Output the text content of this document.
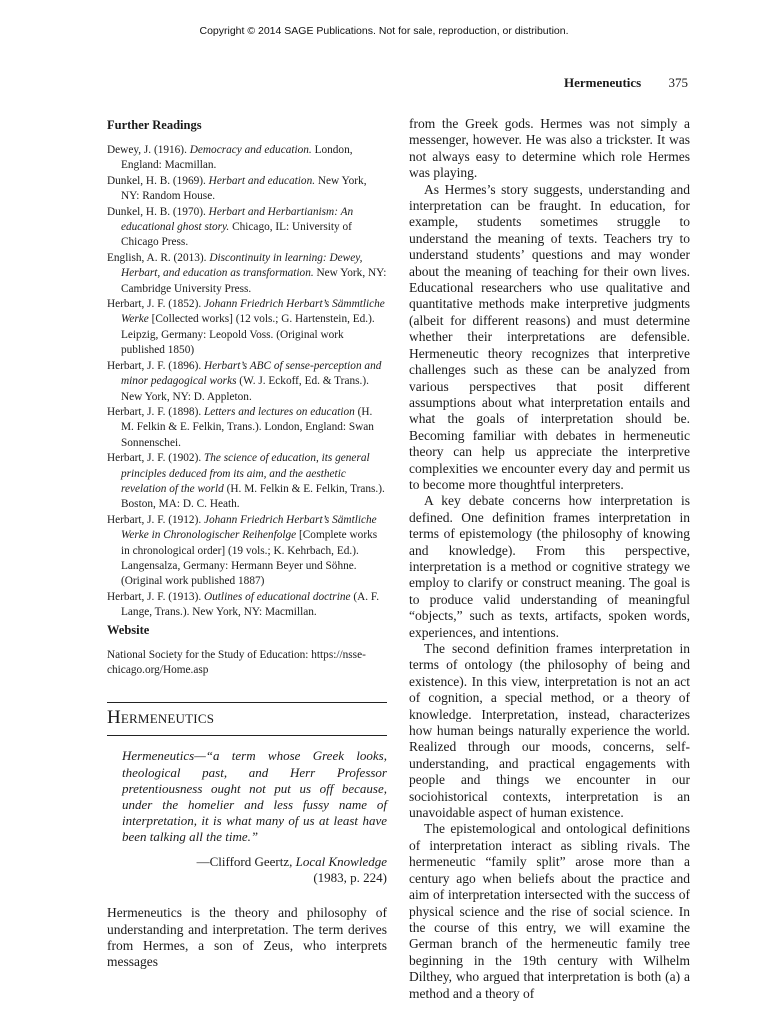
Copyright © 2014 SAGE Publications. Not for sale, reproduction, or distribution.
Hermeneutics 375
Further Readings

Dewey, J. (1916). Democracy and education. London, England: Macmillan.

Dunkel, H. B. (1969). Herbart and education. New York, NY: Random House.

Dunkel, H. B. (1970). Herbart and Herbartianism: An educational ghost story. Chicago, IL: University of Chicago Press.

English, A. R. (2013). Discontinuity in learning: Dewey, Herbart, and education as transformation. New York, NY: Cambridge University Press.

Herbart, J. F. (1852). Johann Friedrich Herbart’s Sämmtliche Werke [Collected works] (12 vols.; G. Hartenstein, Ed.). Leipzig, Germany: Leopold Voss. (Original work published 1850)

Herbart, J. F. (1896). Herbart’s ABC of sense-perception and minor pedagogical works (W. J. Eckoff, Ed. & Trans.). New York, NY: D. Appleton.

Herbart, J. F. (1898). Letters and lectures on education (H. M. Felkin & E. Felkin, Trans.). London, England: Swan Sonnenschei.

Herbart, J. F. (1902). The science of education, its general principles deduced from its aim, and the aesthetic revelation of the world (H. M. Felkin & E. Felkin, Trans.). Boston, MA: D. C. Heath.

Herbart, J. F. (1912). Johann Friedrich Herbart’s Sämtliche Werke in Chronologischer Reihenfolge [Complete works in chronological order] (19 vols.; K. Kehrbach, Ed.). Langensalza, Germany: Hermann Beyer und Söhne. (Original work published 1887)

Herbart, J. F. (1913). Outlines of educational doctrine (A. F. Lange, Trans.). New York, NY: Macmillan.

Website

National Society for the Study of Education: https://nsse-chicago.org/Home.asp

Hermeneutics
Hermeneutics—“a term whose Greek looks, theological past, and Herr Professor pretentiousness ought not put us off because, under the homelier and less fussy name of interpretation, it is what many of us at least have been talking all the time.”
—Clifford Geertz, Local Knowledge
(1983, p. 224)
Hermeneutics is the theory and philosophy of understanding and interpretation. The term derives from Hermes, a son of Zeus, who interprets messages

from the Greek gods. Hermes was not simply a messenger, however. He was also a trickster. It was not always easy to determine which role Hermes was playing.

As Hermes’s story suggests, understanding and interpretation can be fraught. In education, for example, students sometimes struggle to understand the meaning of texts. Teachers try to understand students’ questions and may wonder about the meaning of teaching for their own lives. Educational researchers who use qualitative and quantitative methods make interpretive judgments (albeit for different reasons) and must determine whether their interpretations are defensible. Hermeneutic theory recognizes that interpretive challenges such as these can be analyzed from various perspectives that posit different assumptions about what interpretation entails and what the goals of interpretation should be. Becoming familiar with debates in hermeneutic theory can help us appreciate the interpretive complexities we encounter every day and permit us to become more thoughtful interpreters.

A key debate concerns how interpretation is defined. One definition frames interpretation in terms of epistemology (the philosophy of knowing and knowledge). From this perspective, interpretation is a method or cognitive strategy we employ to clarify or construct meaning. The goal is to produce valid understanding of meaningful “objects,” such as texts, artifacts, spoken words, experiences, and intentions.

The second definition frames interpretation in terms of ontology (the philosophy of being and existence). In this view, interpretation is not an act of cognition, a special method, or a theory of knowledge. Interpretation, instead, characterizes how human beings naturally experience the world. Realized through our moods, concerns, self-understanding, and practical engagements with people and things we encounter in our sociohistorical contexts, interpretation is an unavoidable aspect of human existence.

The epistemological and ontological definitions of interpretation interact as sibling rivals. The hermeneutic “family split” arose more than a century ago when beliefs about the practice and aim of interpretation intersected with the success of physical science and the rise of social science. In the course of this entry, we will examine the German branch of the hermeneutic family tree beginning in the 19th century with Wilhelm Dilthey, who argued that interpretation is both (a) a method and a theory of
